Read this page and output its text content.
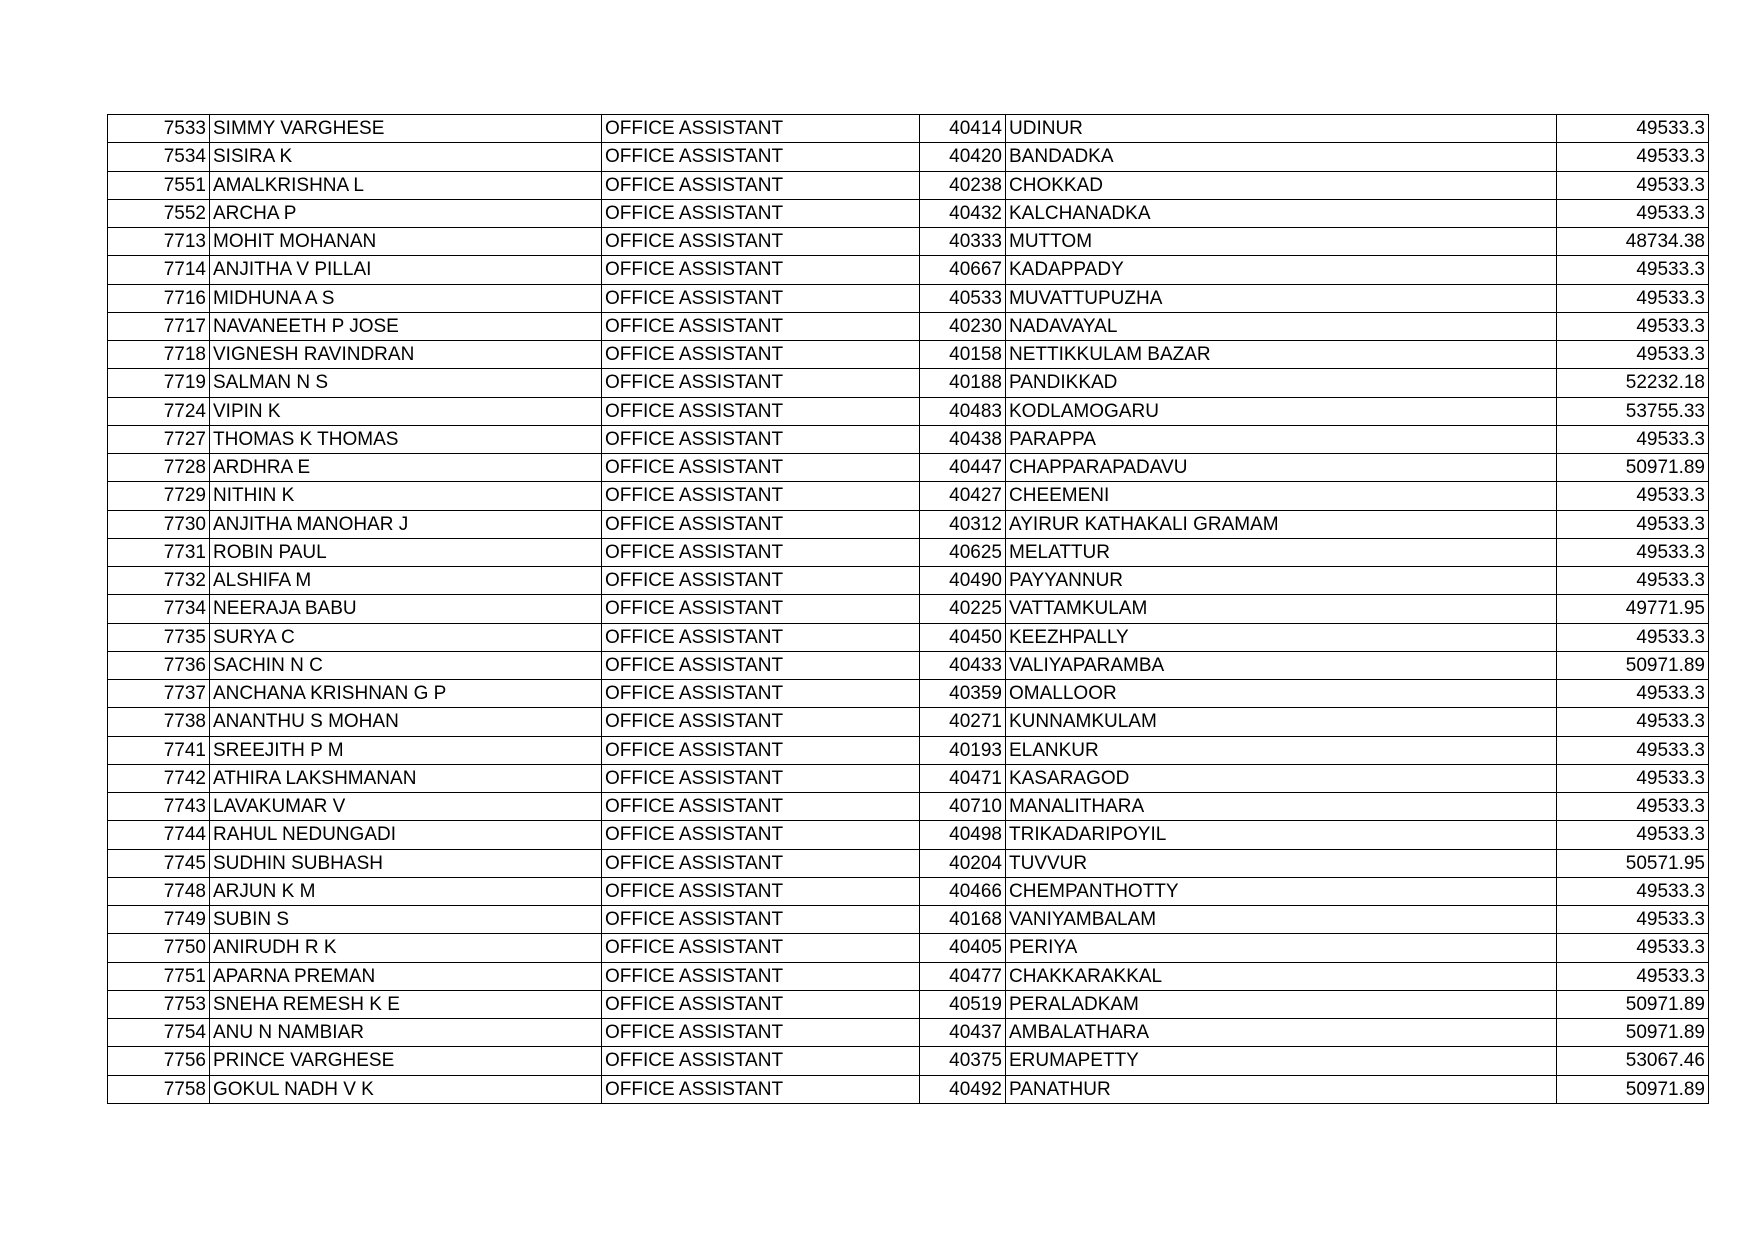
7533	SIMMY VARGHESE	OFFICE ASSISTANT	40414	UDINUR	49533.3
7534	SISIRA K	OFFICE ASSISTANT	40420	BANDADKA	49533.3
7551	AMALKRISHNA L	OFFICE ASSISTANT	40238	CHOKKAD	49533.3
7552	ARCHA P	OFFICE ASSISTANT	40432	KALCHANADKA	49533.3
7713	MOHIT MOHANAN	OFFICE ASSISTANT	40333	MUTTOM	48734.38
7714	ANJITHA V PILLAI	OFFICE ASSISTANT	40667	KADAPPADY	49533.3
7716	MIDHUNA A S	OFFICE ASSISTANT	40533	MUVATTUPUZHA	49533.3
7717	NAVANEETH P JOSE	OFFICE ASSISTANT	40230	NADAVAYAL	49533.3
7718	VIGNESH RAVINDRAN	OFFICE ASSISTANT	40158	NETTIKKULAM BAZAR	49533.3
7719	SALMAN N S	OFFICE ASSISTANT	40188	PANDIKKAD	52232.18
7724	VIPIN K	OFFICE ASSISTANT	40483	KODLAMOGARU	53755.33
7727	THOMAS K THOMAS	OFFICE ASSISTANT	40438	PARAPPA	49533.3
7728	ARDHRA E	OFFICE ASSISTANT	40447	CHAPPARAPADAVU	50971.89
7729	NITHIN K	OFFICE ASSISTANT	40427	CHEEMENI	49533.3
7730	ANJITHA MANOHAR J	OFFICE ASSISTANT	40312	AYIRUR KATHAKALI GRAMAM	49533.3
7731	ROBIN PAUL	OFFICE ASSISTANT	40625	MELATTUR	49533.3
7732	ALSHIFA M	OFFICE ASSISTANT	40490	PAYYANNUR	49533.3
7734	NEERAJA BABU	OFFICE ASSISTANT	40225	VATTAMKULAM	49771.95
7735	SURYA C	OFFICE ASSISTANT	40450	KEEZHPALLY	49533.3
7736	SACHIN N C	OFFICE ASSISTANT	40433	VALIYAPARAMBA	50971.89
7737	ANCHANA KRISHNAN G P	OFFICE ASSISTANT	40359	OMALLOOR	49533.3
7738	ANANTHU S MOHAN	OFFICE ASSISTANT	40271	KUNNAMKULAM	49533.3
7741	SREEJITH P M	OFFICE ASSISTANT	40193	ELANKUR	49533.3
7742	ATHIRA LAKSHMANAN	OFFICE ASSISTANT	40471	KASARAGOD	49533.3
7743	LAVAKUMAR V	OFFICE ASSISTANT	40710	MANALITHARA	49533.3
7744	RAHUL NEDUNGADI	OFFICE ASSISTANT	40498	TRIKADARIPOYIL	49533.3
7745	SUDHIN SUBHASH	OFFICE ASSISTANT	40204	TUVVUR	50571.95
7748	ARJUN K M	OFFICE ASSISTANT	40466	CHEMPANTHOTTY	49533.3
7749	SUBIN S	OFFICE ASSISTANT	40168	VANIYAMBALAM	49533.3
7750	ANIRUDH R K	OFFICE ASSISTANT	40405	PERIYA	49533.3
7751	APARNA PREMAN	OFFICE ASSISTANT	40477	CHAKKARAKKAL	49533.3
7753	SNEHA REMESH K E	OFFICE ASSISTANT	40519	PERALADKAM	50971.89
7754	ANU N NAMBIAR	OFFICE ASSISTANT	40437	AMBALATHARA	50971.89
7756	PRINCE VARGHESE	OFFICE ASSISTANT	40375	ERUMAPETTY	53067.46
7758	GOKUL NADH V K	OFFICE ASSISTANT	40492	PANATHUR	50971.89
